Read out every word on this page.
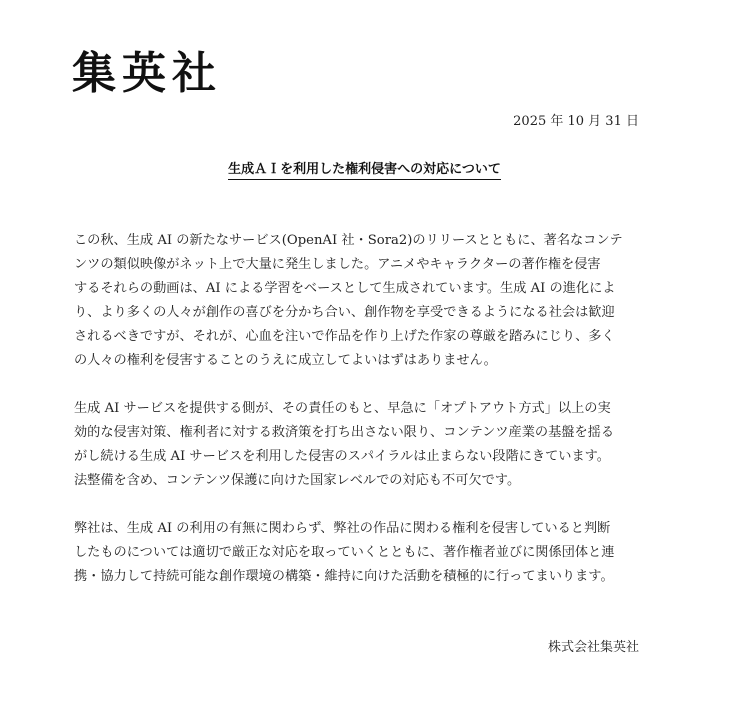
集英社
2025 年 10 月 31 日
生成ＡＩを利用した権利侵害への対応について

この秋、生成 AI の新たなサービス(OpenAI 社・Sora2)のリリースとともに、著名なコンテ
ンツの類似映像がネット上で大量に発生しました。アニメやキャラクターの著作権を侵害
するそれらの動画は、AI による学習をベースとして生成されています。生成 AI の進化によ
り、より多くの人々が創作の喜びを分かち合い、創作物を享受できるようになる社会は歓迎
されるべきですが、それが、心血を注いで作品を作り上げた作家の尊厳を踏みにじり、多く
の人々の権利を侵害することのうえに成立してよいはずはありません。

生成 AI サービスを提供する側が、その責任のもと、早急に「オプトアウト方式」以上の実
効的な侵害対策、権利者に対する救済策を打ち出さない限り、コンテンツ産業の基盤を揺る
がし続ける生成 AI サービスを利用した侵害のスパイラルは止まらない段階にきています。
法整備を含め、コンテンツ保護に向けた国家レベルでの対応も不可欠です。

弊社は、生成 AI の利用の有無に関わらず、弊社の作品に関わる権利を侵害していると判断
したものについては適切で厳正な対応を取っていくとともに、著作権者並びに関係団体と連
携・協力して持続可能な創作環境の構築・維持に向けた活動を積極的に行ってまいります。

株式会社集英社
